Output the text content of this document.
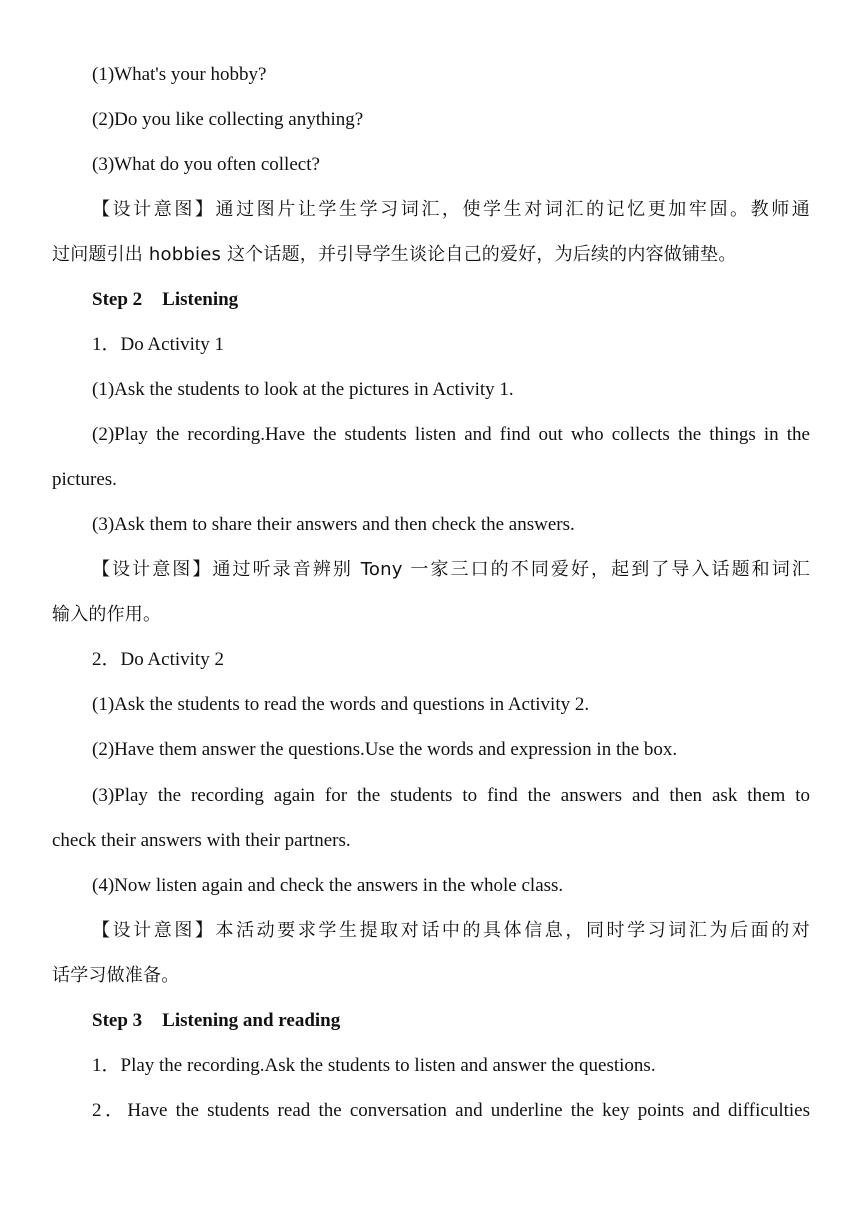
(1)What's your hobby?
(2)Do you like collecting anything?
(3)What do you often collect?
【设计意图】通过图片让学生学习词汇，使学生对词汇的记忆更加牢固。教师通
过问题引出 hobbies 这个话题，并引导学生谈论自己的爱好，为后续的内容做铺垫。
Step 2 Listening
1．Do Activity 1
(1)Ask the students to look at the pictures in Activity 1.
(2)Play the recording.Have the students listen and find out who collects the things in the
pictures.
(3)Ask them to share their answers and then check the answers.
【设计意图】通过听录音辨别 Tony 一家三口的不同爱好，起到了导入话题和词汇
输入的作用。
2．Do Activity 2
(1)Ask the students to read the words and questions in Activity 2.
(2)Have them answer the questions.Use the words and expression in the box.
(3)Play the recording again for the students to find the answers and then ask them to
check their answers with their partners.
(4)Now listen again and check the answers in the whole class.
【设计意图】本活动要求学生提取对话中的具体信息，同时学习词汇为后面的对
话学习做准备。
Step 3 Listening and reading
1．Play the recording.Ask the students to listen and answer the questions.
2．Have the students read the conversation and underline the key points and difficulties
